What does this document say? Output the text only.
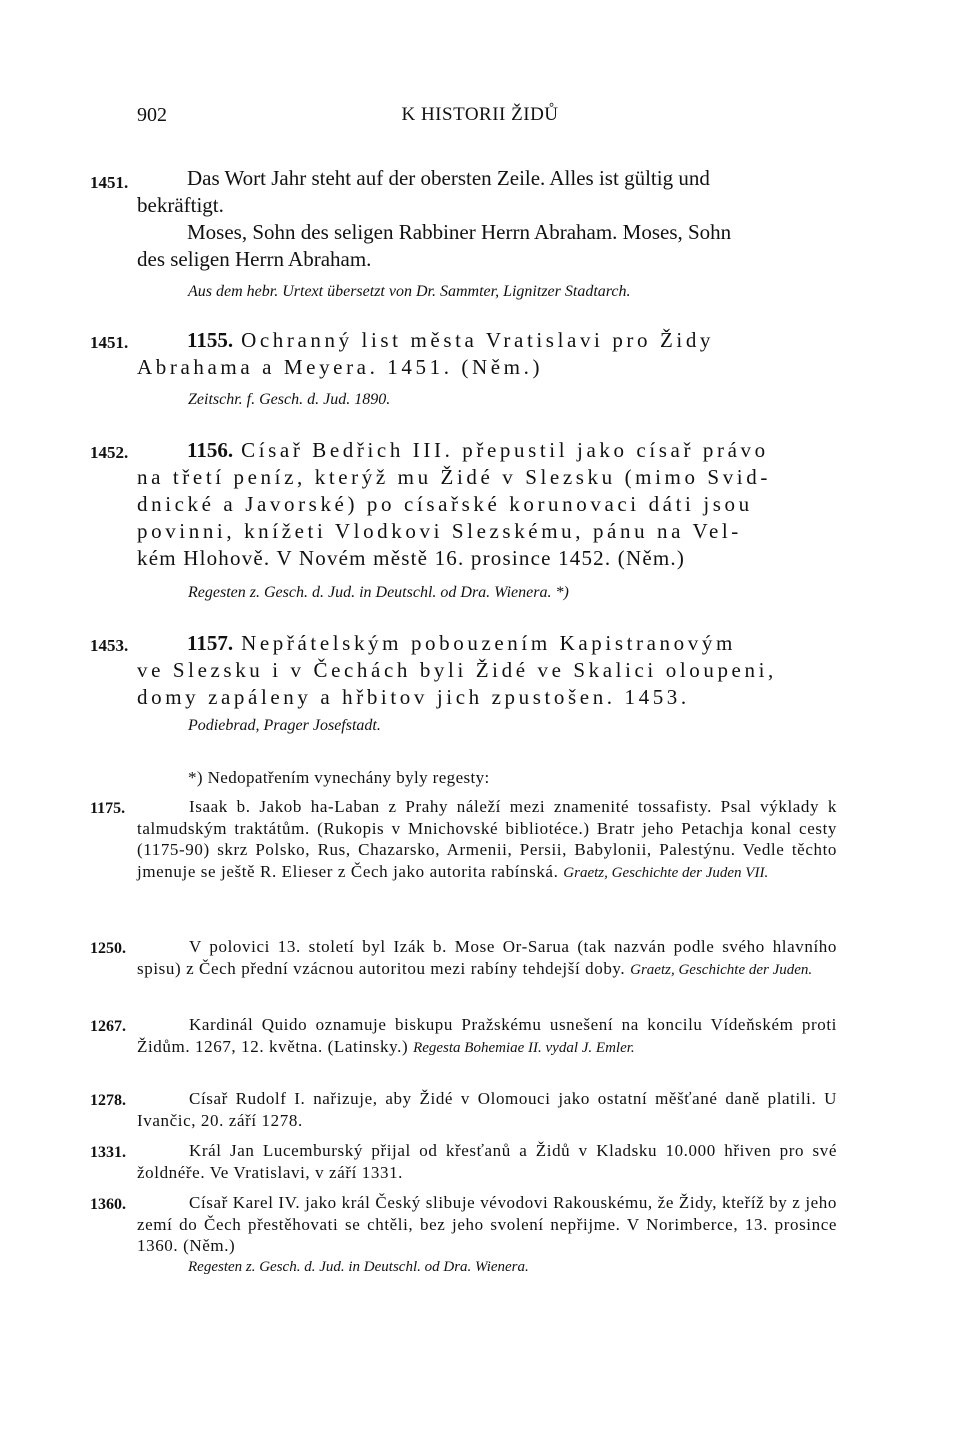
902	K HISTORII ŽIDŮ
1451.	Das Wort Jahr steht auf der obersten Zeile. Alles ist gültig und

bekräftigt.

Moses, Sohn des seligen Rabbiner Herrn Abraham. Moses, Sohn

des seligen Herrn Abraham.

Aus dem hebr. Urtext übersetzt von Dr. Sammter, Lignitzer Stadtarch.

1451.	1155. Ochranný list města Vratislavi pro Židy

Abrahama a Meyera. 1451. (Něm.)

Zeitschr. f. Gesch. d. Jud. 1890.

1452.	1156. Císař Bedřich III. přepustil jako císař právo

na třetí peníz, kterýž mu Židé v Slezsku (mimo Svid-

dnické a Javorské) po císařské korunovaci dáti jsou

povinni, knížeti Vlodkovi Slezskému, pánu na Vel-

kém Hlohově. V Novém městě 16. prosince 1452. (Něm.)

Regesten z. Gesch. d. Jud. in Deutschl. od Dra. Wienera. *)

1453.	1157. Nepřátelským pobouzením Kapistranovým

ve Slezsku i v Čechách byli Židé ve Skalici oloupeni,

domy zapáleny a hřbitov jich zpustošen. 1453.

Podiebrad, Prager Josefstadt.

*) Nedopatřením vynechány byly regesty:
1175.	Isaak b. Jakob ha-Laban z Prahy náleží mezi znamenité tossafisty. Psal výklady k talmudským traktátům. (Rukopis v Mnichovské bibliotéce.) Bratr jeho Petachja konal cesty (1175-90) skrz Polsko, Rus, Chazarsko, Armenii, Persii, Babylonii, Palestýnu. Vedle těchto jmenuje se ještě R. Elieser z Čech jako autorita rabínská. Graetz, Geschichte der Juden VII.

1250.	V polovici 13. století byl Izák b. Mose Or-Sarua (tak nazván podle svého hlavního spisu) z Čech přední vzácnou autoritou mezi rabíny tehdejší doby. Graetz, Geschichte der Juden.

1267.	Kardinál Quido oznamuje biskupu Pražskému usnešení na koncilu Vídeňském proti Židům. 1267, 12. května. (Latinsky.) Regesta Bohemiae II. vydal J. Emler.

1278.	Císař Rudolf I. nařizuje, aby Židé v Olomouci jako ostatní měšťané daně platili. U Ivančic, 20. září 1278.

1331.	Král Jan Lucemburský přijal od křesťanů a Židů v Kladsku 10.000 hřiven pro své žoldnéře. Ve Vratislavi, v září 1331.

1360.	Císař Karel IV. jako král Český slibuje vévodovi Rakouskému, že Židy, kteříž by z jeho zemí do Čech přestěhovati se chtěli, bez jeho svolení nepřijme. V Norimberce, 13. prosince 1360. (Něm.)

Regesten z. Gesch. d. Jud. in Deutschl. od Dra. Wienera.
